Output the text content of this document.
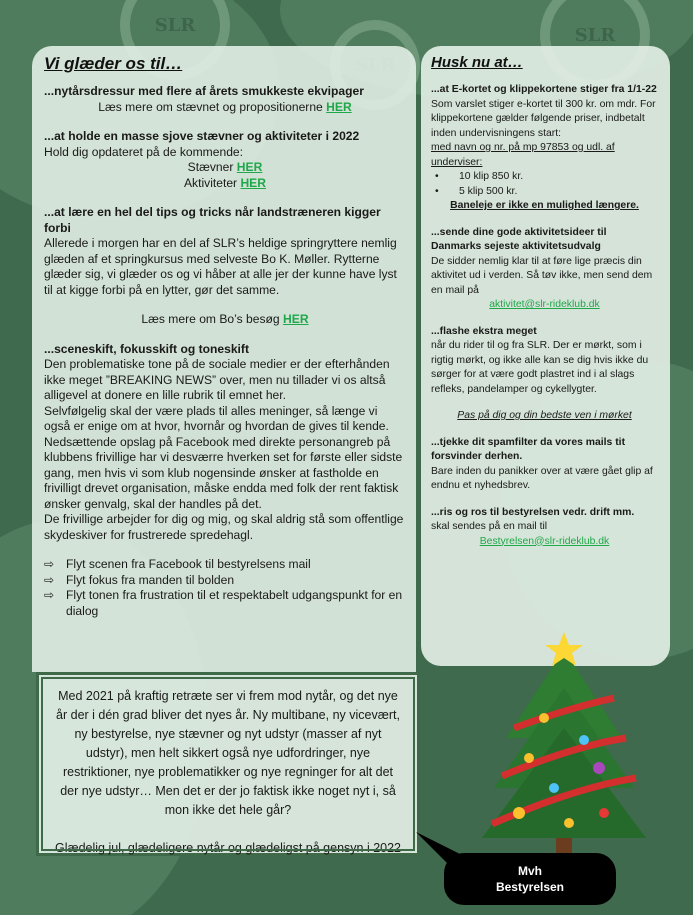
SLR
SLR
Vi glæder os til…

...nytårsdressur med flere af årets smukkeste ekvipager

Læs mere om stævnet og propositionerne HER

...at holde en masse sjove stævner og aktiviteter i 2022

Hold dig opdateret på de kommende:

Stævner HER

Aktiviteter HER

...at lære en hel del tips og tricks når landstræneren kigger forbi

Allerede i morgen har en del af SLR’s heldige springryttere nemlig glæden af et springkursus med selveste Bo K. Møller. Rytterne glæder sig, vi glæder os og vi håber at alle jer der kunne have lyst til at kigge forbi på en lytter, gør det samme.

Læs mere om Bo’s besøg HER

...sceneskift, fokusskift og toneskift

Den problematiske tone på de sociale medier er der efterhånden ikke meget ”BREAKING NEWS” over, men nu tillader vi os altså alligevel at donere en lille rubrik til emnet her.

Selvfølgelig skal der være plads til alles meninger, så længe vi også er enige om at hvor, hvornår og hvordan de gives til kende.

Nedsættende opslag på Facebook med direkte personangreb på klubbens frivillige har vi desværre hverken set for første eller sidste gang, men hvis vi som klub nogensinde ønsker at fastholde en frivilligt drevet organisation, måske endda med folk der rent faktisk ønsker genvalg, skal der handles på det.

De frivillige arbejder for dig og mig, og skal aldrig stå som offentlige skydeskiver for frustrerede spredehagl.

⇨ Flyt scenen fra Facebook til bestyrelsens mail
⇨ Flyt fokus fra manden til bolden
⇨ Flyt tonen fra frustration til et respektabelt udgangspunkt for en dialog
Husk nu at…

...at E-kortet og klippekortene stiger fra 1/1-22

Som varslet stiger e-kortet til 300 kr. om mdr. For klippekortene gælder følgende priser, indbetalt inden undervisningens start:

med navn og nr. på mp 97853 og udl. af underviser:

•	10 klip 850 kr.
•	5 klip 500 kr.

Baneleje er ikke en mulighed længere.

...sende dine gode aktivitetsideer til Danmarks sejeste aktivitetsudvalg

De sidder nemlig klar til at føre lige præcis din aktivitet ud i verden. Så tøv ikke, men send dem en mail på

aktivitet@slr-rideklub.dk

...flashe ekstra meget

når du rider til og fra SLR. Der er mørkt, som i rigtig mørkt, og ikke alle kan se dig hvis ikke du sørger for at være godt plastret ind i al slags refleks, pandelamper og cykellygter.

Pas på dig og din bedste ven i mørket

...tjekke dit spamfilter da vores mails tit forsvinder derhen.

Bare inden du panikker over at være gået glip af endnu et nyhedsbrev.

...ris og ros til bestyrelsen vedr. drift mm.

skal sendes på en mail til

Bestyrelsen@slr-rideklub.dk

Med 2021 på kraftig retræte ser vi frem mod nytår, og det nye år der i dén grad bliver det nyes år. Ny multibane, ny vicevært, ny bestyrelse, nye stævner og nyt udstyr (masser af nyt udstyr), men helt sikkert også nye udfordringer, nye restriktioner, nye problematikker og nye regninger for alt det der nye udstyr… Men det er der jo faktisk ikke noget nyt i, så mon ikke det hele går?

Glædelig jul, glædeligere nytår og glædeligst på gensyn i 2022

Mvh
Bestyrelsen
